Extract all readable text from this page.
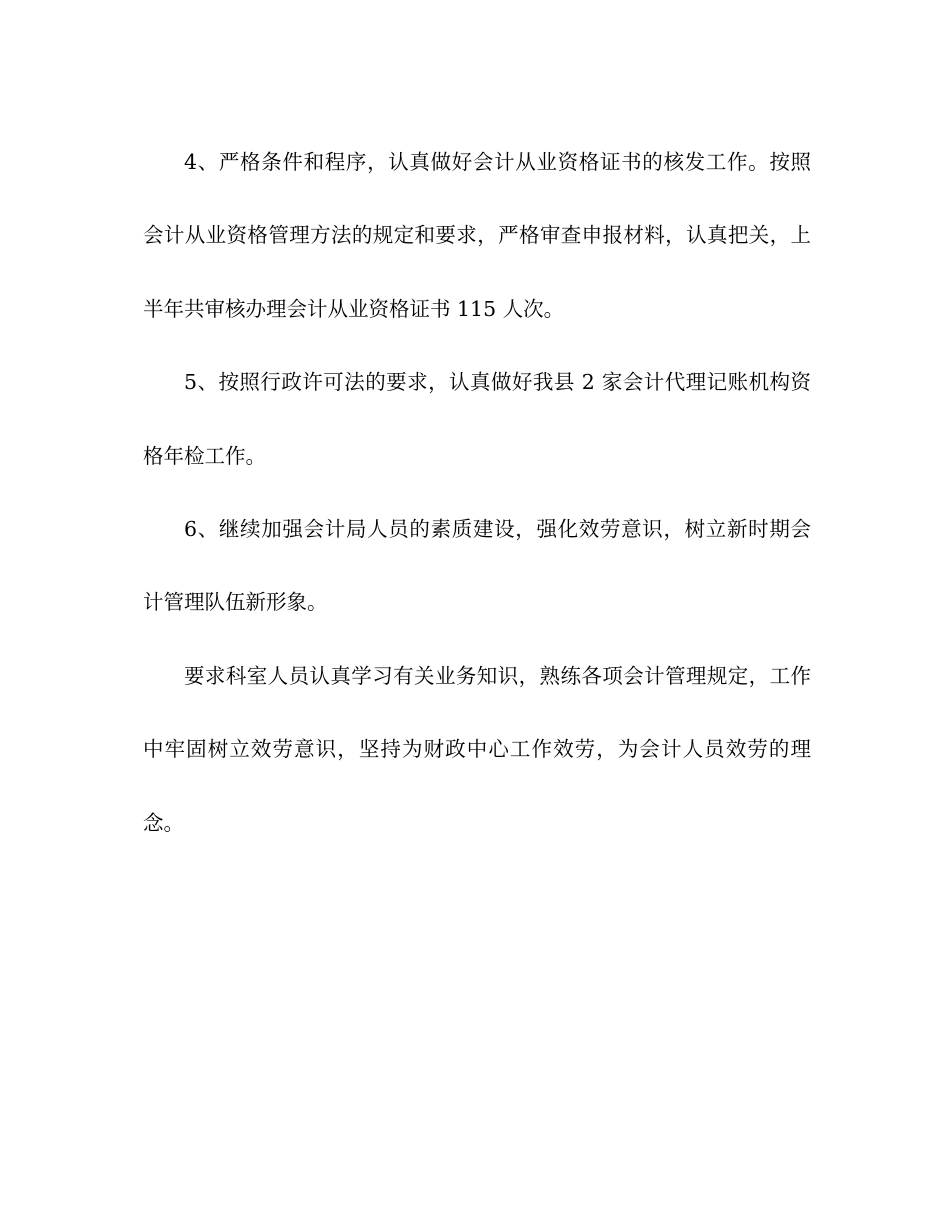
4、严格条件和程序，认真做好会计从业资格证书的核发工作。按照会计从业资格管理方法的规定和要求，严格审查申报材料，认真把关，上半年共审核办理会计从业资格证书 115 人次。

5、按照行政许可法的要求，认真做好我县 2 家会计代理记账机构资格年检工作。

6、继续加强会计局人员的素质建设，强化效劳意识，树立新时期会计管理队伍新形象。

要求科室人员认真学习有关业务知识，熟练各项会计管理规定，工作中牢固树立效劳意识，坚持为财政中心工作效劳，为会计人员效劳的理念。
